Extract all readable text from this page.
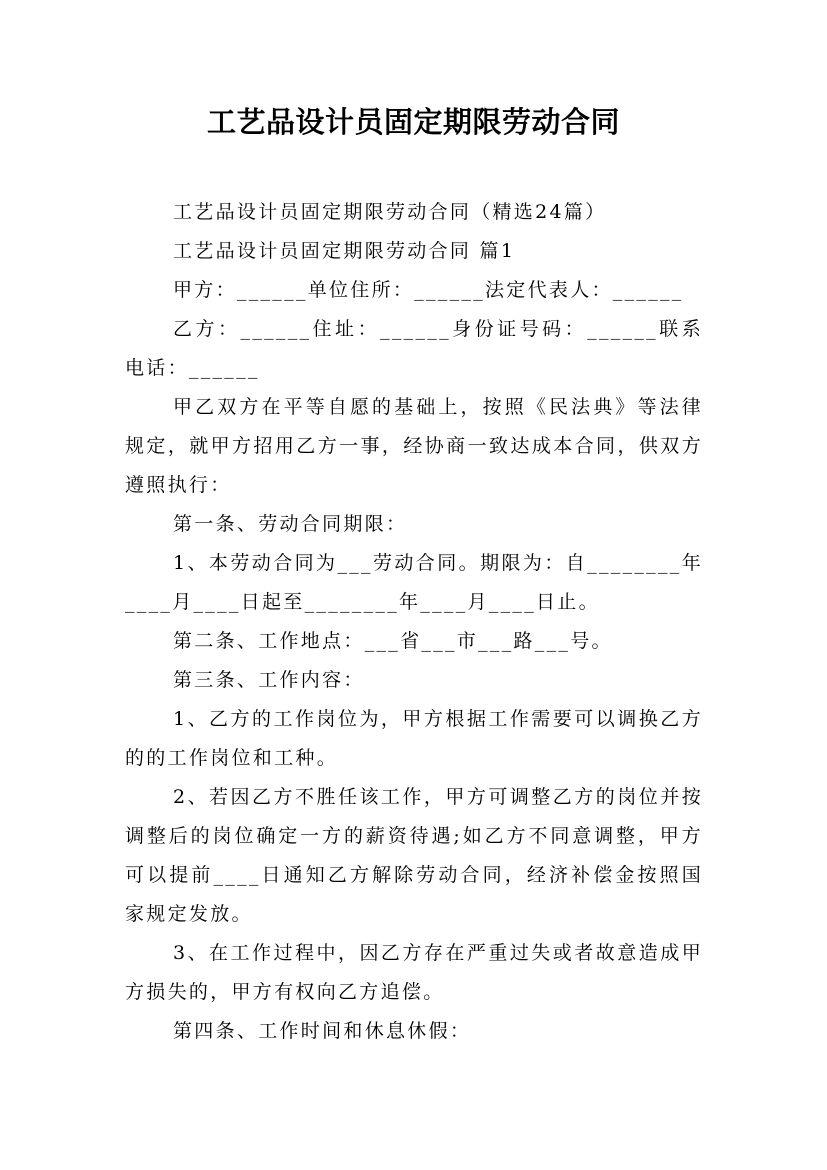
工艺品设计员固定期限劳动合同

工艺品设计员固定期限劳动合同（精选24篇）

工艺品设计员固定期限劳动合同 篇1

甲方：______单位住所：______法定代表人：______

乙方：______住址：______身份证号码：______联系电话：______

甲乙双方在平等自愿的基础上，按照《民法典》等法律规定，就甲方招用乙方一事，经协商一致达成本合同，供双方遵照执行：

第一条、劳动合同期限：

1、本劳动合同为___劳动合同。期限为：自________年____月____日起至________年____月____日止。

第二条、工作地点：___省___市___路___号。

第三条、工作内容：

1、乙方的工作岗位为，甲方根据工作需要可以调换乙方的的工作岗位和工种。

2、若因乙方不胜任该工作，甲方可调整乙方的岗位并按调整后的岗位确定一方的薪资待遇;如乙方不同意调整，甲方可以提前____日通知乙方解除劳动合同，经济补偿金按照国家规定发放。

3、在工作过程中，因乙方存在严重过失或者故意造成甲方损失的，甲方有权向乙方追偿。

第四条、工作时间和休息休假：
